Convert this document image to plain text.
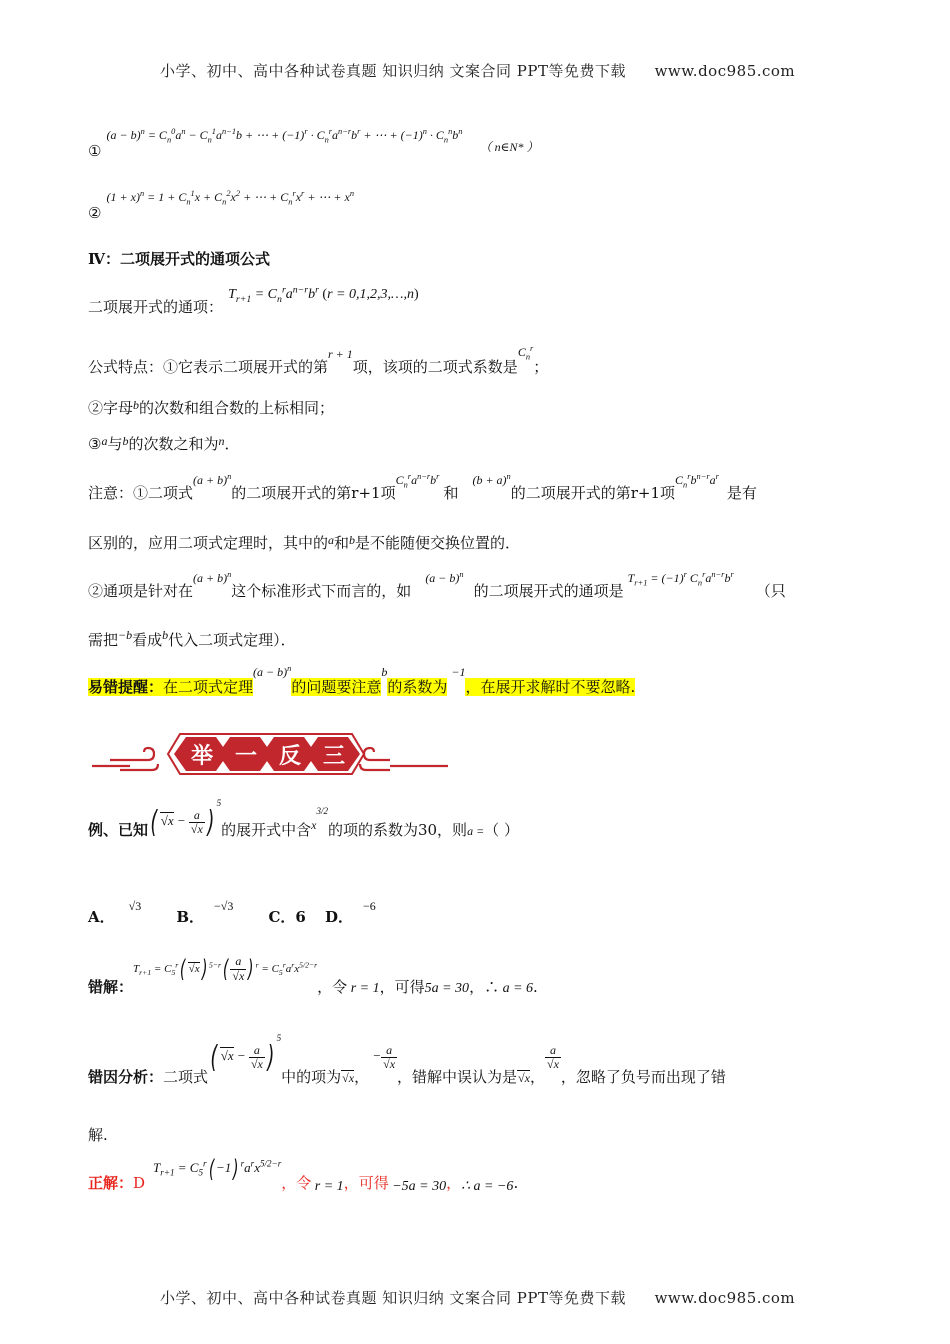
小学、初中、高中各种试卷真题 知识归纳 文案合同 PPT等免费下载 www.doc985.com
① $(a - b)^n = C_n^0a^n - C_n^1a^{n-1}b$ + ⋯ + $(-1)^r \cdot C_n^ra^{n-r}b^r$ + ⋯ + $(-1)^n \cdot C_n^nb^n$ $_{( n\in N* )}$
② $(1 + x)^n = 1 + C_n^1x + C_n^2x^2$ + ⋯ + $C_n^rx^r$ + ⋯ + $x^n$
Ⅳ：二项展开式的通项公式
二项展开式的通项： $T_{r+1} = C_n^ra^{n-r}b^r$ (r = 0,1,2,3,…,n)
公式特点：①它表示二项展开式的第r + 1项，该项的二项式系数是$^{C_n^r}$；
②字母$^b$的次数和组合数的上标相同；
③$^a$与$^b$的次数之和为$^n$．
注意：①二项式$(a + b)^n$的二项展开式的第r+1项$C_n^ra^{n-r}b^r$和$(b + a)^n$的二项展开式的第r+1项$C_n^rb^{n-r}a^r$是有
区别的，应用二项式定理时，其中的$^a$和$^b$是不能随便交换位置的．
②通项是针对在$(a + b)^n$这个标准形式下而言的，如$(a - b)^n$的二项展开式的通项是$T_{r+1} = (-1)^r$ $C_n^ra^{n-r}b^r$（只
需把$^{-b}$看成$^b$代入二项式定理）．
易错提醒：在二项式定理$(a - b)^n$的问题要注意b的系数为−1，在展开求解时不要忽略.
举 一 反 三
例、已知( $√x - \frac{a}{√x} )^5$的展开式中含$_{x^{3/2}}$的项的系数为30，则$_{a =}$（ ）
A．√3 B．−√3 C．6 D．−6
错解：$T_{r+1} = C_5^r$( √x) $^{5-r}( \frac{a}{√x}$ ) $^r = C_5^ra^rx^{5/2-r}$，令 r = 1，可得5a = 30，∴ a = 6.
错因分析：二项式( $√x - \frac{a}{√x} )^5$中的项为$_{√x}$， − $\frac{a}{√x}$
，错解中误认为是$_{√x}$，
$\frac{a}{√x}$
，忽略了负号而出现了错
解.
正解：$DT_{r+1} = C_5^r( -1)$ $^ra^rx^{5/2-r}$，令 r = 1，可得 −5a = 30，∴ a = −6.
小学、初中、高中各种试卷真题 知识归纳 文案合同 PPT等免费下载 www.doc985.com
